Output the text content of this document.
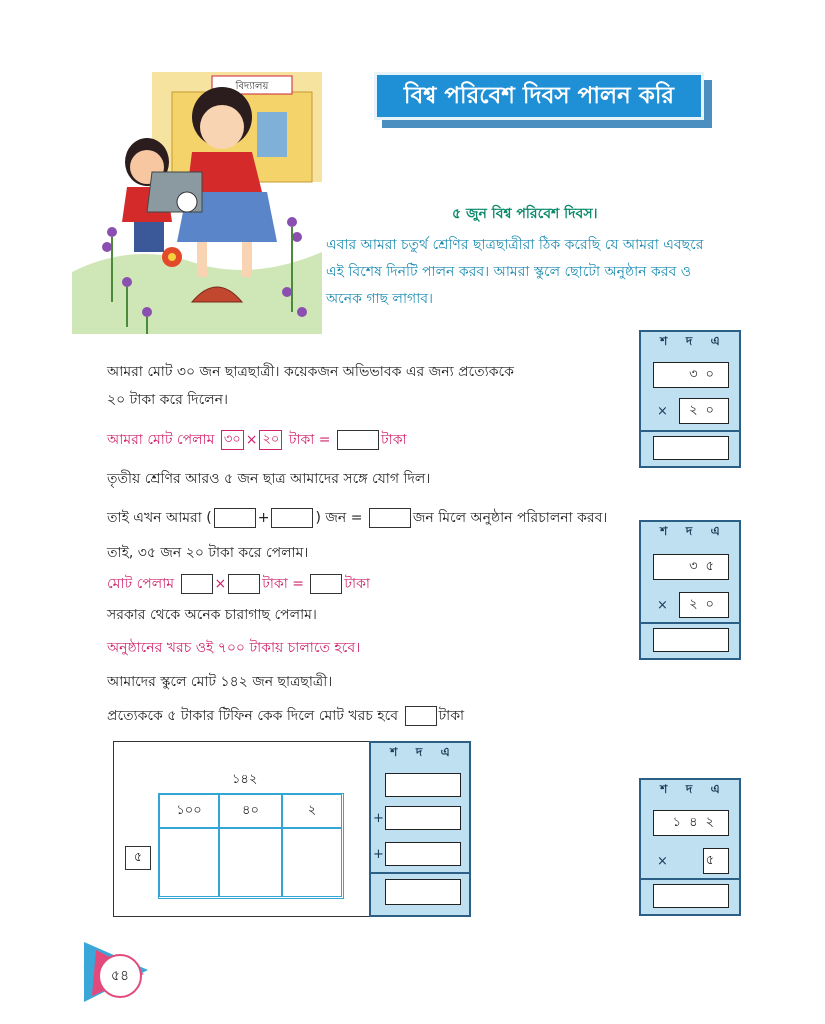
বিদ্যালয়	বিশ্ব পরিবেশ দিবস পালন করি
৫ জুন বিশ্ব পরিবেশ দিবস।
এবার আমরা চতুর্থ শ্রেণির ছাত্রছাত্রীরা ঠিক করেছি যে আমরা এবছরে
এই বিশেষ দিনটি পালন করব। আমরা স্কুলে ছোটো অনুষ্ঠান করব ও
অনেক গাছ লাগাব।
আমরা মোট ৩০ জন ছাত্রছাত্রী। কয়েকজন অভিভাবক এর জন্য প্রত্যেককে
২০ টাকা করে দিলেন।
আমরা মোট পেলাম ৩০ × ২০ টাকা =	টাকা
তৃতীয় শ্রেণির আরও ৫ জন ছাত্র আমাদের সঙ্গে যোগ দিল।
তাই এখন আমরা (	+	) জন =	জন মিলে অনুষ্ঠান পরিচালনা করব।
তাই, ৩৫ জন ২০ টাকা করে পেলাম।
মোট পেলাম	×	টাকা =	টাকা
সরকার থেকে অনেক চারাগাছ পেলাম।
অনুষ্ঠানের খরচ ওই ৭০০ টাকায় চালাতে হবে।
আমাদের স্কুলে মোট ১৪২ জন ছাত্রছাত্রী।
প্রত্যেককে ৫ টাকার টিফিন কেক দিলে মোট খরচ হবে	টাকা
শ দ এ
৩০
×	২০
শ দ এ
৩৫
×	২০
শ দ এ
১৪২
×	৫
১৪২
১০০	৪০	২
৫
শ দ এ
+
+
৫৪
